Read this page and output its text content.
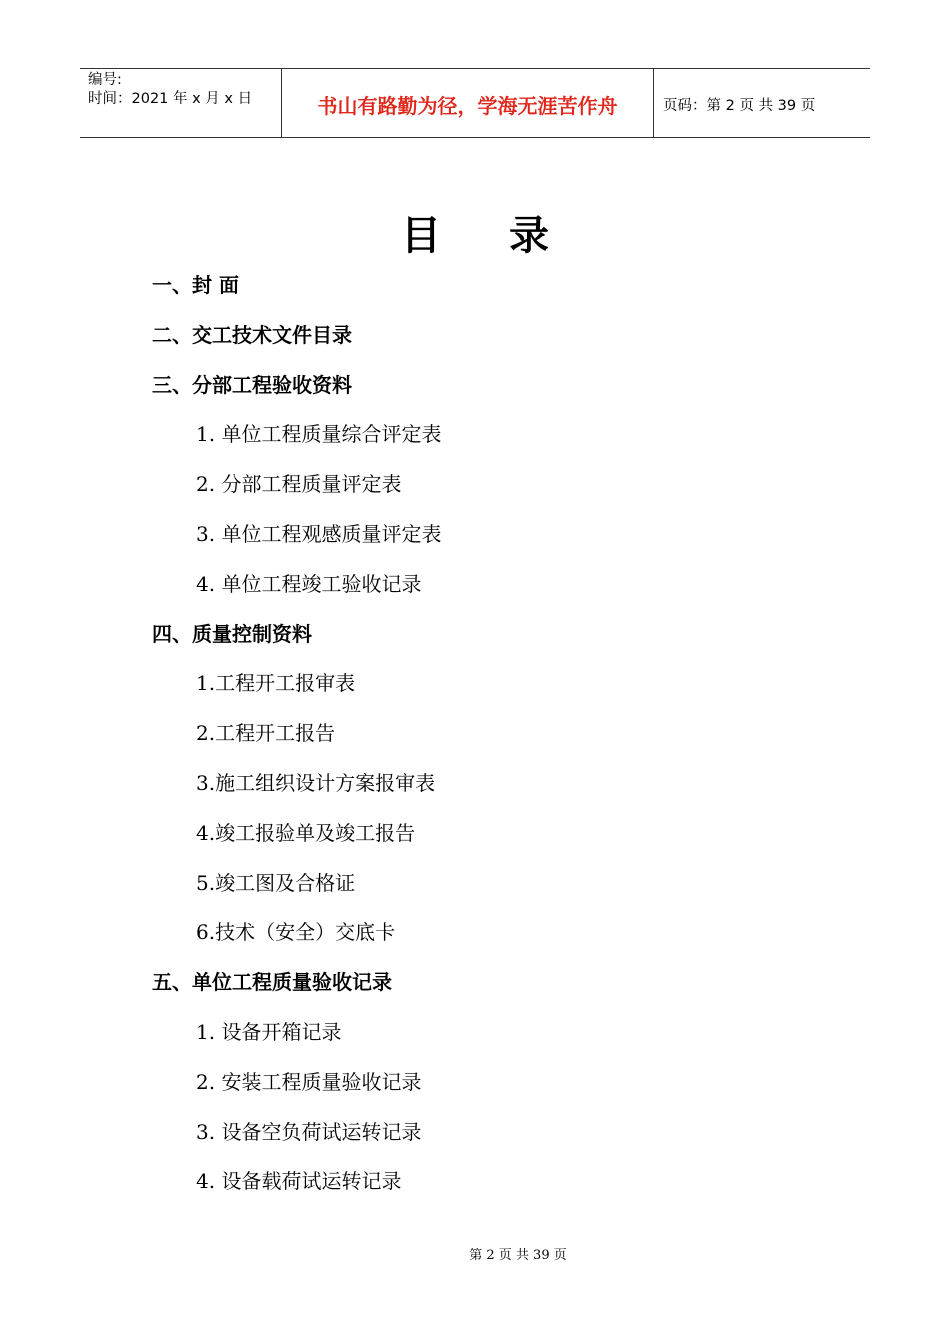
编号:
时间：2021 年 x 月 x 日	书山有路勤为径，学海无涯苦作舟	页码：第 2 页 共 39 页
目录
一、封 面
二、交工技术文件目录
三、分部工程验收资料
1. 单位工程质量综合评定表
2. 分部工程质量评定表
3. 单位工程观感质量评定表
4. 单位工程竣工验收记录
四、质量控制资料
1.工程开工报审表
2.工程开工报告
3.施工组织设计方案报审表
4.竣工报验单及竣工报告
5.竣工图及合格证
6.技术（安全）交底卡
五、单位工程质量验收记录
1. 设备开箱记录
2. 安装工程质量验收记录
3. 设备空负荷试运转记录
4. 设备载荷试运转记录
第 2 页 共 39 页
